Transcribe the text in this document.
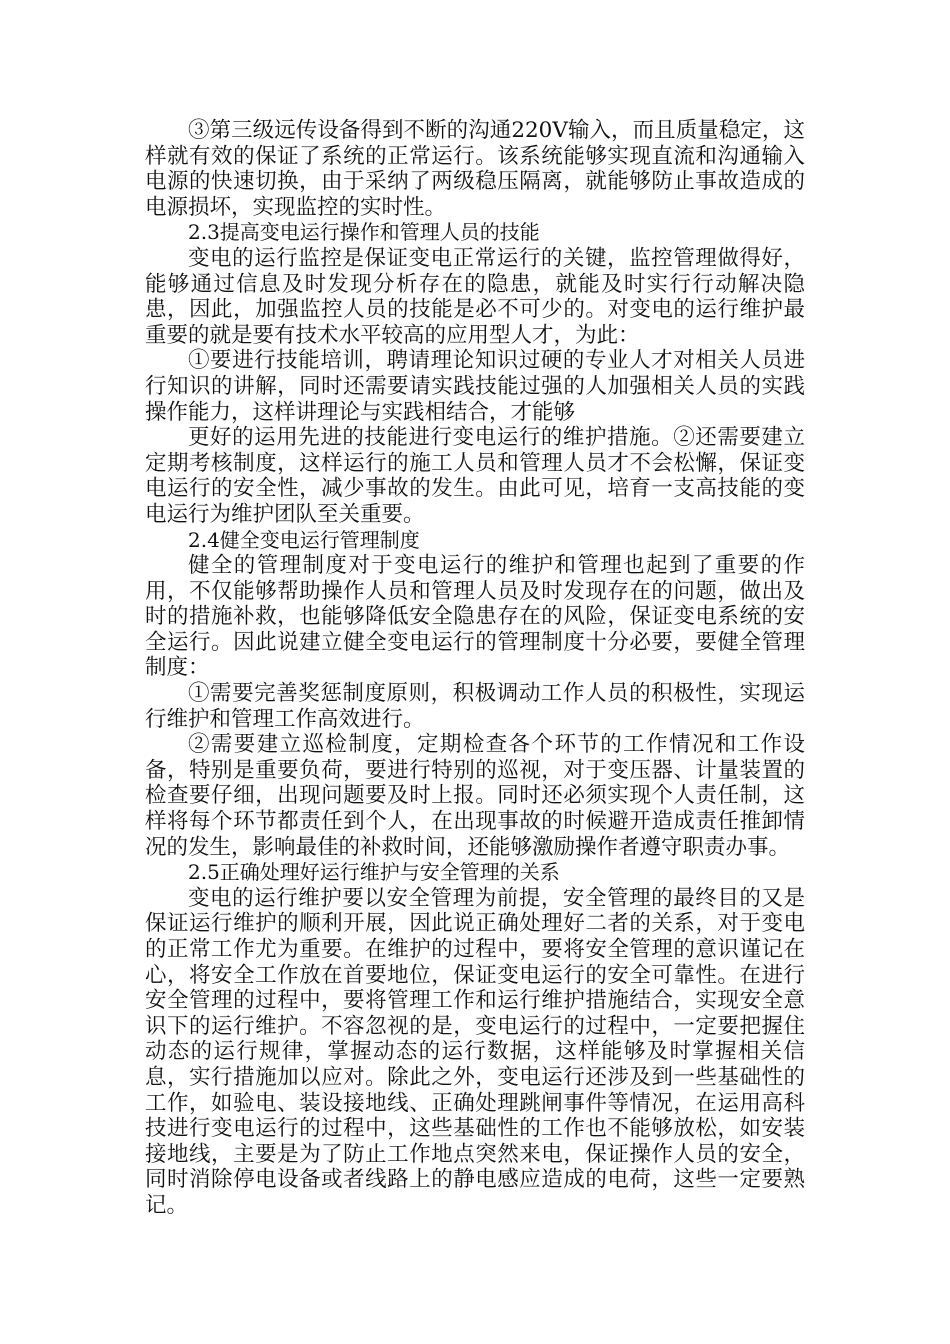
③第三级远传设备得到不断的沟通220V输入，而且质量稳定，这样就有效的保证了系统的正常运行。该系统能够实现直流和沟通输入电源的快速切换，由于采纳了两级稳压隔离，就能够防止事故造成的电源损坏，实现监控的实时性。

2.3提高变电运行操作和管理人员的技能

变电的运行监控是保证变电正常运行的关键，监控管理做得好，能够通过信息及时发现分析存在的隐患，就能及时实行行动解决隐患，因此，加强监控人员的技能是必不可少的。对变电的运行维护最重要的就是要有技术水平较高的应用型人才，为此：

①要进行技能培训，聘请理论知识过硬的专业人才对相关人员进行知识的讲解，同时还需要请实践技能过强的人加强相关人员的实践操作能力，这样讲理论与实践相结合，才能够

更好的运用先进的技能进行变电运行的维护措施。②还需要建立定期考核制度，这样运行的施工人员和管理人员才不会松懈，保证变电运行的安全性，减少事故的发生。由此可见，培育一支高技能的变电运行为维护团队至关重要。

2.4健全变电运行管理制度

健全的管理制度对于变电运行的维护和管理也起到了重要的作用，不仅能够帮助操作人员和管理人员及时发现存在的问题，做出及时的措施补救，也能够降低安全隐患存在的风险，保证变电系统的安全运行。因此说建立健全变电运行的管理制度十分必要，要健全管理制度：

①需要完善奖惩制度原则，积极调动工作人员的积极性，实现运行维护和管理工作高效进行。

②需要建立巡检制度，定期检查各个环节的工作情况和工作设备，特别是重要负荷，要进行特别的巡视，对于变压器、计量装置的检查要仔细，出现问题要及时上报。同时还必须实现个人责任制，这样将每个环节都责任到个人，在出现事故的时候避开造成责任推卸情况的发生，影响最佳的补救时间，还能够激励操作者遵守职责办事。

2.5正确处理好运行维护与安全管理的关系

变电的运行维护要以安全管理为前提，安全管理的最终目的又是保证运行维护的顺利开展，因此说正确处理好二者的关系，对于变电的正常工作尤为重要。在维护的过程中，要将安全管理的意识谨记在心，将安全工作放在首要地位，保证变电运行的安全可靠性。在进行安全管理的过程中，要将管理工作和运行维护措施结合，实现安全意识下的运行维护。不容忽视的是，变电运行的过程中，一定要把握住动态的运行规律，掌握动态的运行数据，这样能够及时掌握相关信息，实行措施加以应对。除此之外，变电运行还涉及到一些基础性的工作，如验电、装设接地线、正确处理跳闸事件等情况，在运用高科技进行变电运行的过程中，这些基础性的工作也不能够放松，如安装接地线，主要是为了防止工作地点突然来电，保证操作人员的安全，同时消除停电设备或者线路上的静电感应造成的电荷，这些一定要熟记。
